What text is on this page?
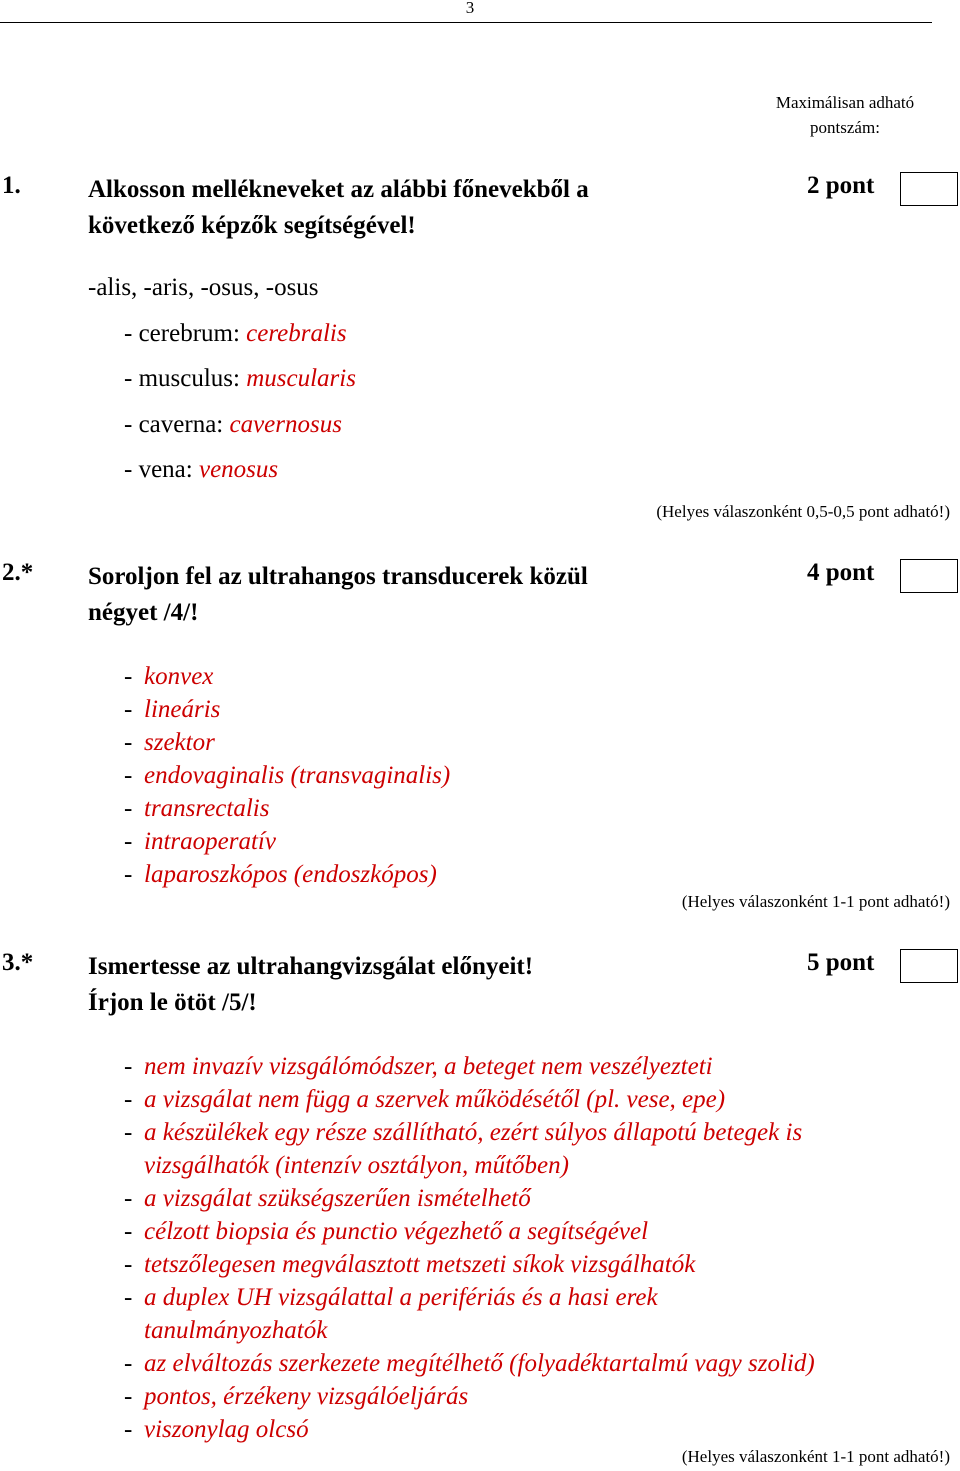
3
Maximálisan adható
pontszám:
1.	Alkosson mellékneveket az alábbi főnevekből a
következő képzők segítségével!
2 pont
-alis, -aris, -osus, -osus
- cerebrum: cerebralis
- musculus: muscularis
- caverna: cavernosus
- vena: venosus
(Helyes válaszonként 0,5-0,5 pont adható!)
2.* Soroljon fel az ultrahangos transducerek közül
négyet /4/!
4 pont
- konvex
- lineáris
- szektor
- endovaginalis (transvaginalis)
- transrectalis
- intraoperatív
- laparoszkópos (endoszkópos)
(Helyes válaszonként 1-1 pont adható!)
3.* Ismertesse az ultrahangvizsgálat előnyeit!
Írjon le ötöt /5/!
5 pont
- nem invazív vizsgálómódszer, a beteget nem veszélyezteti
- a vizsgálat nem függ a szervek működésétől (pl. vese, epe)
- a készülékek egy része szállítható, ezért súlyos állapotú betegek is
vizsgálhatók (intenzív osztályon, műtőben)
- a vizsgálat szükségszerűen ismételhető
- célzott biopsia és punctio végezhető a segítségével
- tetszőlegesen megválasztott metszeti síkok vizsgálhatók
- a duplex UH vizsgálattal a perifériás és a hasi erek
tanulmányozhatók
- az elváltozás szerkezete megítélhető (folyadéktartalmú vagy szolid)
- pontos, érzékeny vizsgálóeljárás
- viszonylag olcsó
(Helyes válaszonként 1-1 pont adható!)
